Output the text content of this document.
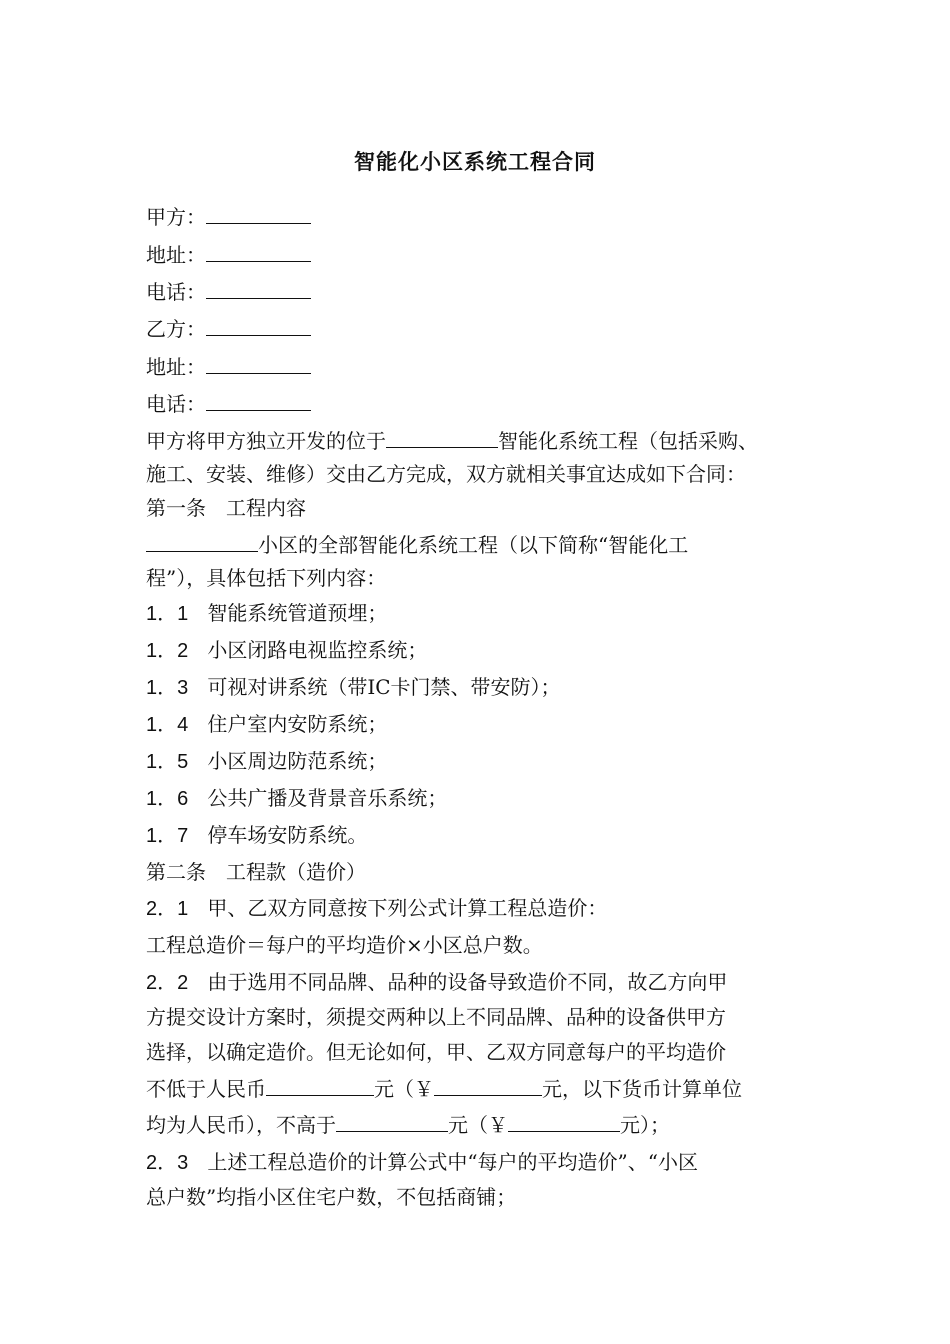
智能化小区系统工程合同
甲方：
地址：
电话：
乙方：
地址：
电话：
甲方将甲方独立开发的位于	智能化系统工程（包括采购、
施工、安装、维修）交由乙方完成，双方就相关事宜达成如下合同：
第一条　工程内容
小区的全部智能化系统工程（以下简称“智能化工
程”），具体包括下列内容：
1．1 智能系统管道预埋；
1．2 小区闭路电视监控系统；
1．3 可视对讲系统（带IC卡门禁、带安防）；
1．4 住户室内安防系统；
1．5 小区周边防范系统；
1．6 公共广播及背景音乐系统；
1．7 停车场安防系统。
第二条　工程款（造价）
2．1 甲、乙双方同意按下列公式计算工程总造价：
工程总造价＝每户的平均造价×小区总户数。
2．2 由于选用不同品牌、品种的设备导致造价不同，故乙方向甲
方提交设计方案时，须提交两种以上不同品牌、品种的设备供甲方
选择，以确定造价。但无论如何，甲、乙双方同意每户的平均造价
不低于人民币	元（￥	元，以下货币计算单位
均为人民币），不高于	元（￥	元）；
2．3 上述工程总造价的计算公式中“每户的平均造价”、“小区
总户数”均指小区住宅户数，不包括商铺；
